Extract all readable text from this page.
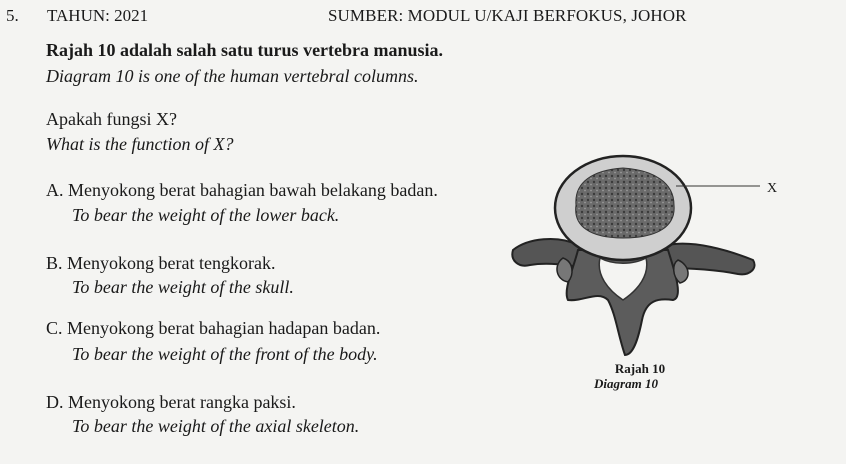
5. TAHUN: 2021	SUMBER: MODUL U/KAJI BERFOKUS, JOHOR
Rajah 10 adalah salah satu turus vertebra manusia.
Diagram 10 is one of the human vertebral columns.
Apakah fungsi X?
What is the function of X?
A. Menyokong berat bahagian bawah belakang badan.
To bear the weight of the lower back.
B. Menyokong berat tengkorak.
To bear the weight of the skull.
C. Menyokong berat bahagian hadapan badan.
To bear the weight of the front of the body.
D. Menyokong berat rangka paksi.
To bear the weight of the axial skeleton.
X
Rajah 10
Diagram 10
